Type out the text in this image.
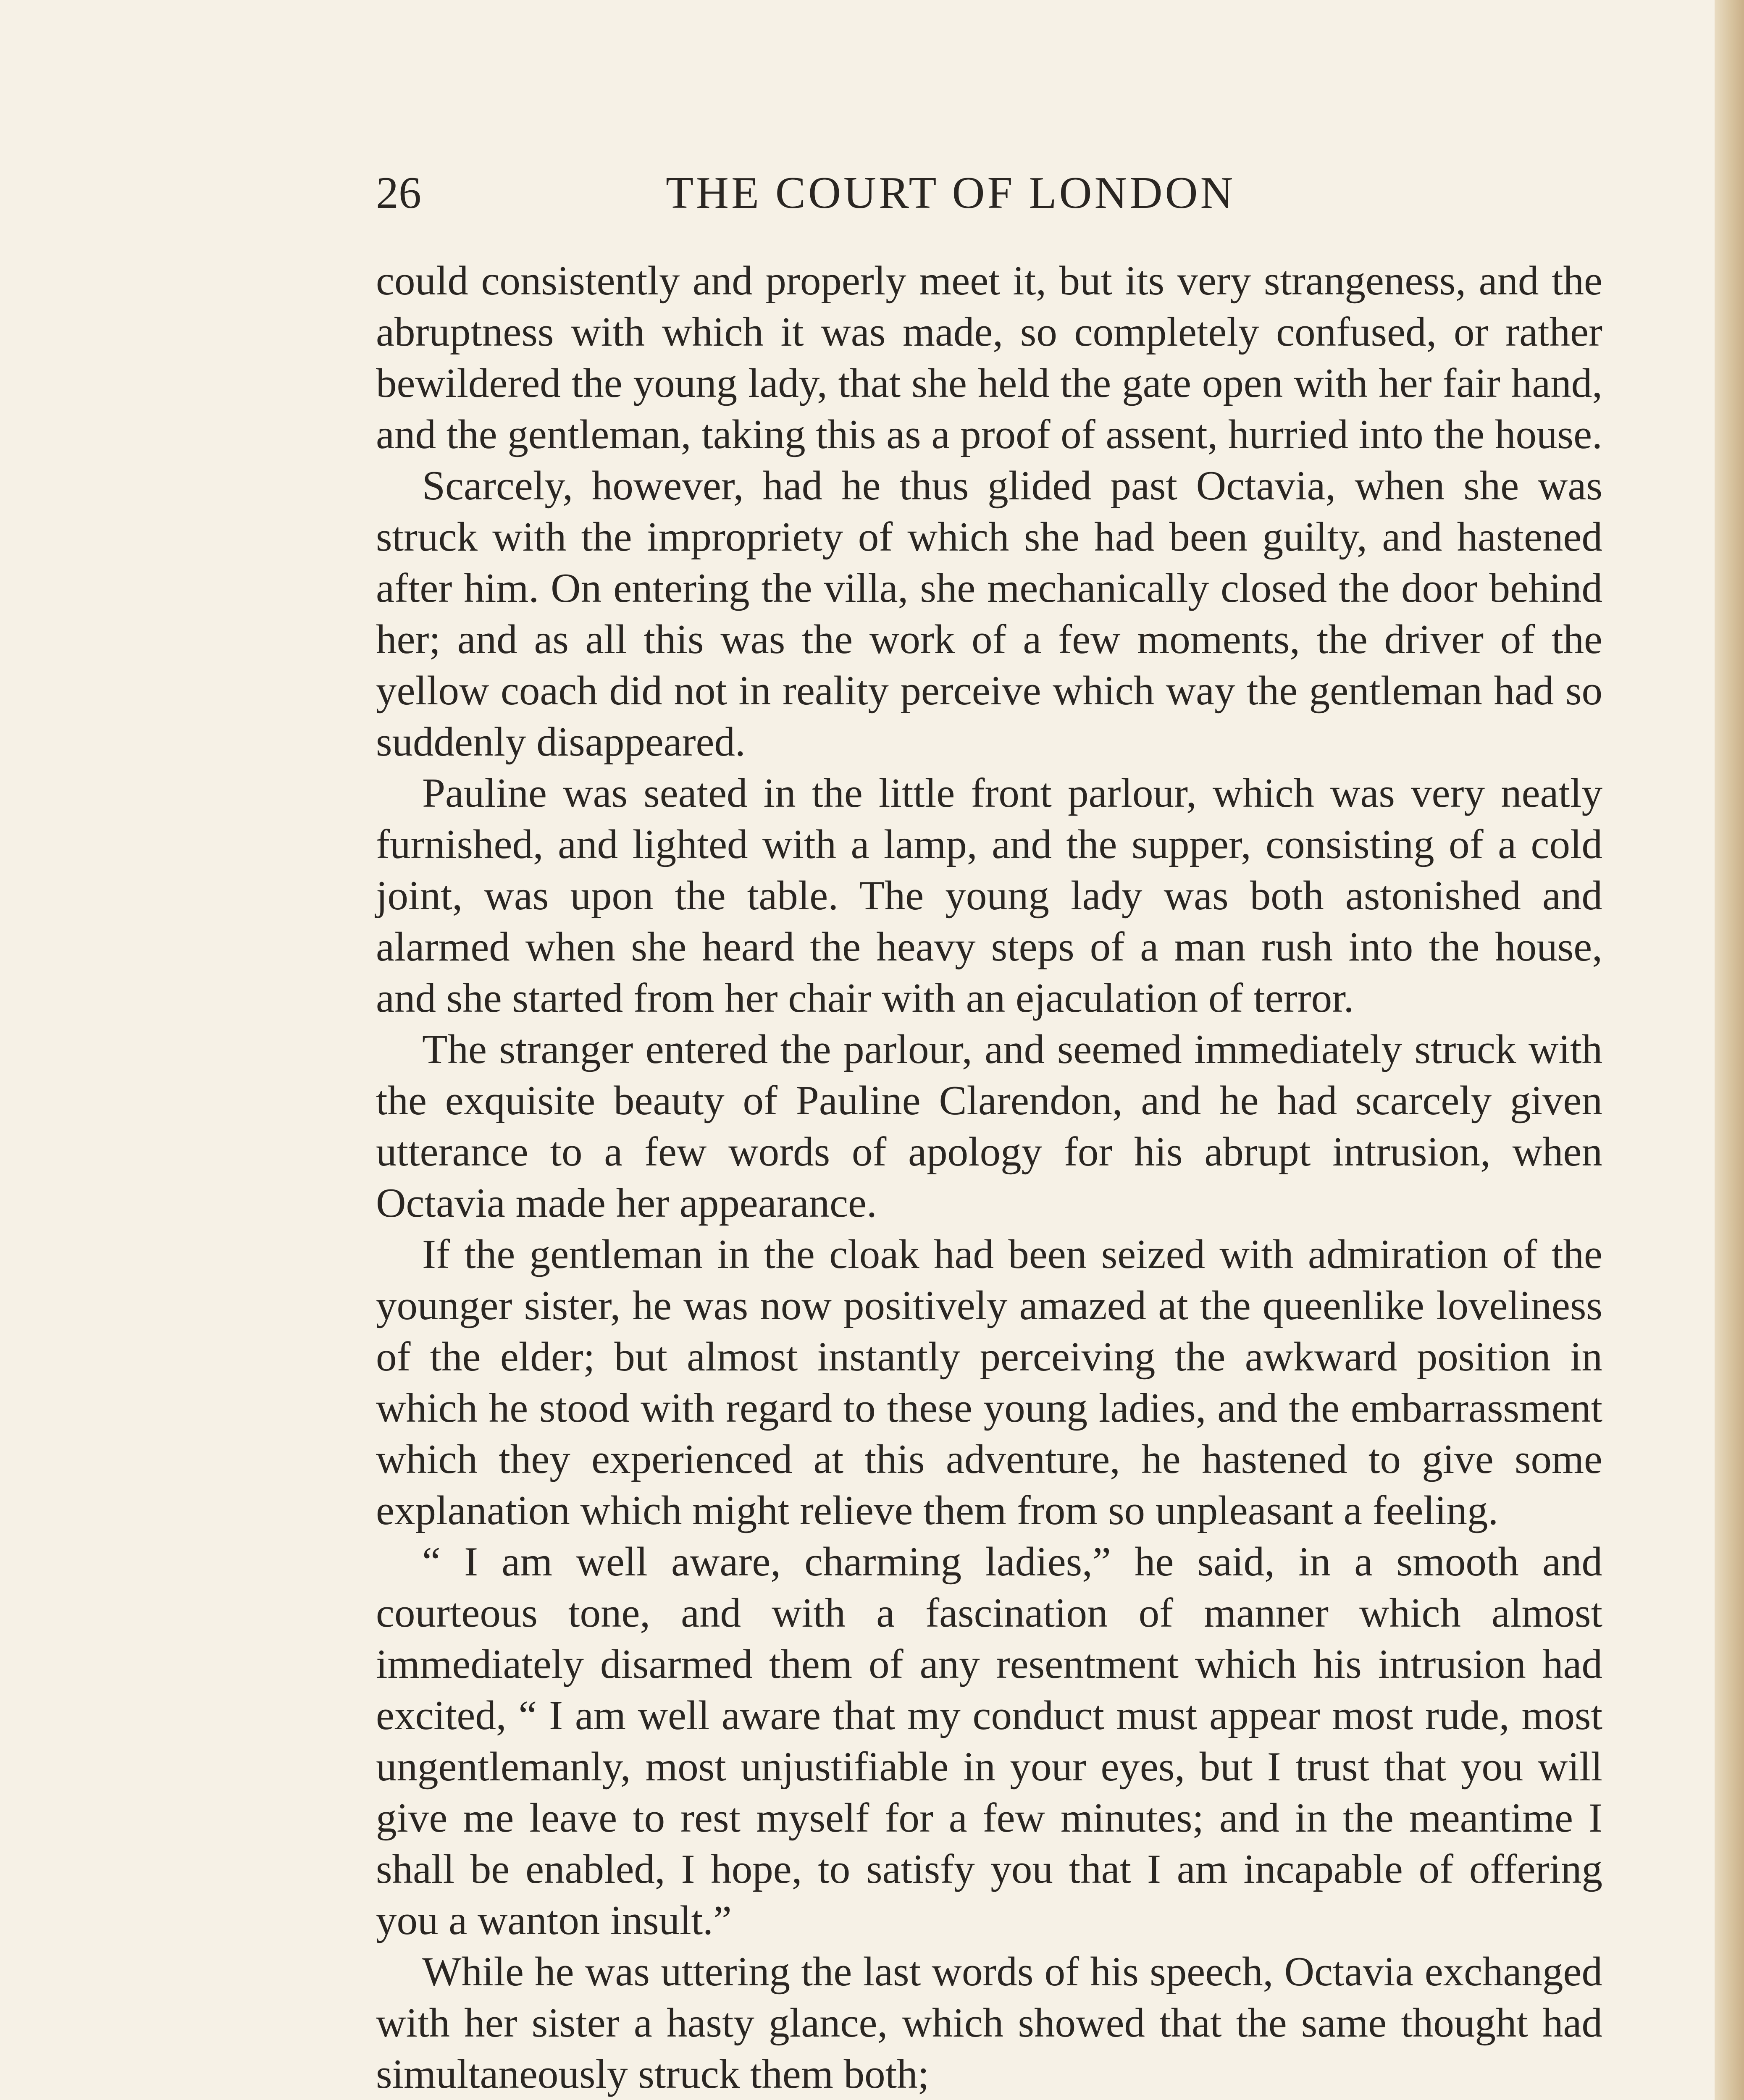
26	THE COURT OF LONDON

could consistently and properly meet it, but its very strangeness, and the abruptness with which it was made, so completely confused, or rather bewildered the young lady, that she held the gate open with her fair hand, and the gentleman, taking this as a proof of assent, hurried into the house.

Scarcely, however, had he thus glided past Octavia, when she was struck with the impropriety of which she had been guilty, and hastened after him. On entering the villa, she mechanically closed the door behind her; and as all this was the work of a few moments, the driver of the yellow coach did not in reality perceive which way the gentleman had so suddenly disappeared.

Pauline was seated in the little front parlour, which was very neatly furnished, and lighted with a lamp, and the supper, consisting of a cold joint, was upon the table. The young lady was both astonished and alarmed when she heard the heavy steps of a man rush into the house, and she started from her chair with an ejaculation of terror.

The stranger entered the parlour, and seemed immediately struck with the exquisite beauty of Pauline Clarendon, and he had scarcely given utterance to a few words of apology for his abrupt intrusion, when Octavia made her appearance.

If the gentleman in the cloak had been seized with admiration of the younger sister, he was now positively amazed at the queenlike loveliness of the elder; but almost instantly perceiving the awkward position in which he stood with regard to these young ladies, and the embarrassment which they experienced at this adventure, he hastened to give some explanation which might relieve them from so unpleasant a feeling.

“ I am well aware, charming ladies,” he said, in a smooth and courteous tone, and with a fascination of manner which almost immediately disarmed them of any resentment which his intrusion had excited, “ I am well aware that my conduct must appear most rude, most ungentlemanly, most unjustifiable in your eyes, but I trust that you will give me leave to rest myself for a few minutes; and in the meantime I shall be enabled, I hope, to satisfy you that I am incapable of offering you a wanton insult.”

While he was uttering the last words of his speech, Octavia exchanged with her sister a hasty glance, which showed that the same thought had simultaneously struck them both;
